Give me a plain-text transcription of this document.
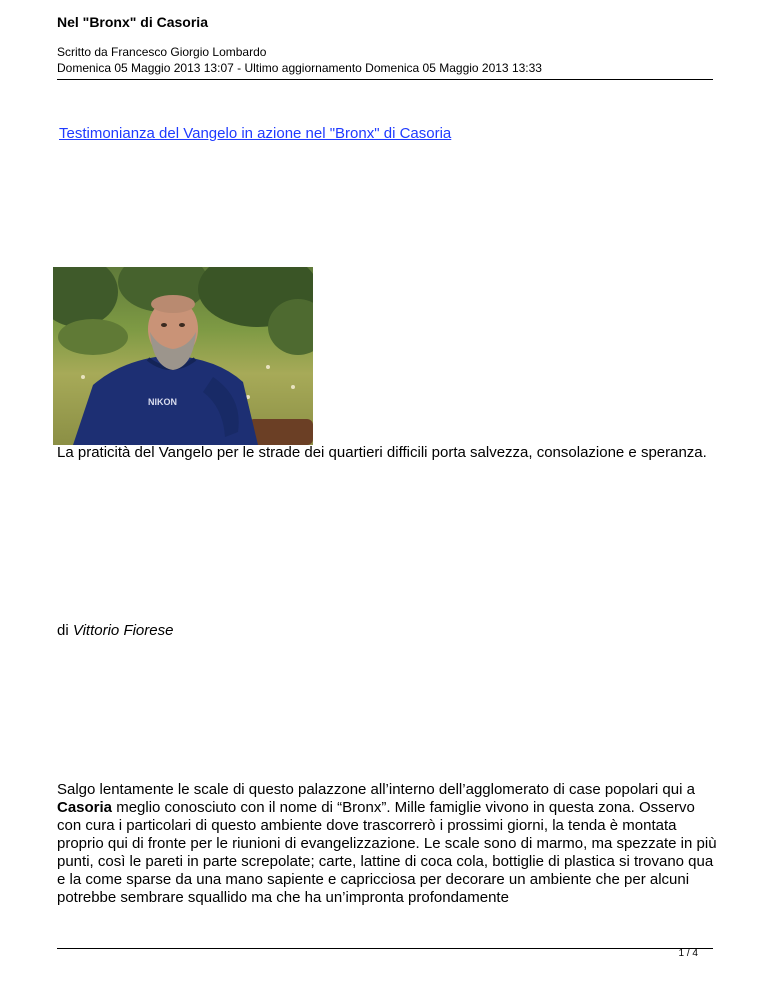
Nel "Bronx" di Casoria
Scritto da Francesco Giorgio Lombardo
Domenica 05 Maggio 2013 13:07 - Ultimo aggiornamento Domenica 05 Maggio 2013 13:33
Testimonianza del Vangelo in azione nel "Bronx" di Casoria
NIKON
La praticità del Vangelo per le strade dei quartieri difficili porta salvezza, consolazione e speranza.
di Vittorio Fiorese
Salgo lentamente le scale di questo palazzone all’interno dell’agglomerato di case popolari qui a Casoria meglio conosciuto con il nome di “Bronx”. Mille famiglie vivono in questa zona. Osservo con cura i particolari di questo ambiente dove trascorrerò i prossimi giorni, la tenda è montata proprio qui di fronte per le riunioni di evangelizzazione. Le scale sono di marmo, ma spezzate in più punti, così le pareti in parte screpolate; carte, lattine di coca cola, bottiglie di plastica si trovano qua e la come sparse da una mano sapiente e capricciosa per decorare un ambiente che per alcuni potrebbe sembrare squallido ma che ha un’impronta profondamente
1 / 4
